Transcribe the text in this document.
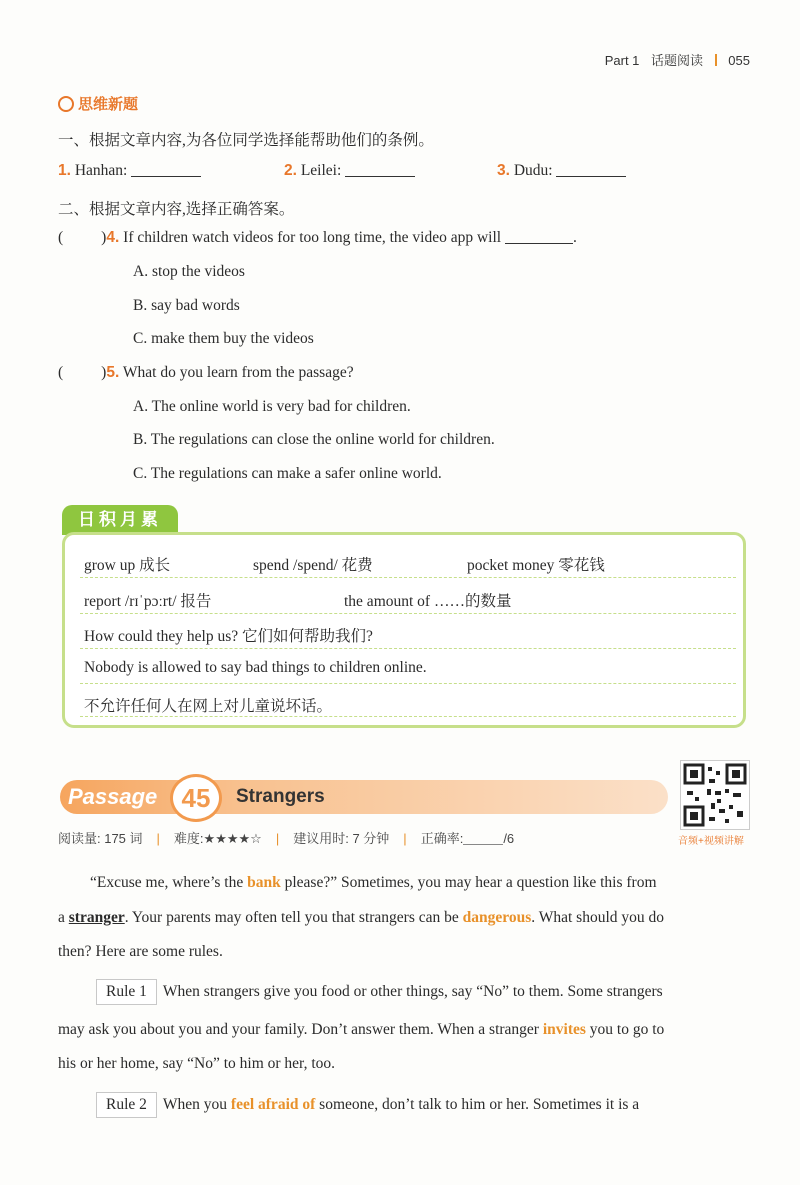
Part 1 话题阅读 055
思维新题
一、根据文章内容,为各位同学选择能帮助他们的条例。
1. Hanhan:	2. Leilei:	3. Dudu:
二、根据文章内容,选择正确答案。
( )4. If children watch videos for too long time, the video app will	.
A. stop the videos
B. say bad words
C. make them buy the videos
( )5. What do you learn from the passage?
A. The online world is very bad for children.
B. The regulations can close the online world for children.
C. The regulations can make a safer online world.
日积月累
grow up 成长	spend /spend/ 花费	pocket money 零花钱
report /rɪˈpɔːrt/ 报告	the amount of ……的数量
How could they help us? 它们如何帮助我们?
Nobody is allowed to say bad things to children online.
不允许任何人在网上对儿童说坏话。
Passage 45	Strangers
音频+视频讲解
阅读量: 175 词 | 难度:★★★★☆ | 建议用时: 7 分钟 | 正确率:	/6
“Excuse me, where’s the bank please?” Sometimes, you may hear a question like this from
a stranger. Your parents may often tell you that strangers can be dangerous. What should you do
then? Here are some rules.
Rule 1 When strangers give you food or other things, say “No” to them. Some strangers
may ask you about you and your family. Don’t answer them. When a stranger invites you to go to
his or her home, say “No” to him or her, too.
Rule 2 When you feel afraid of someone, don’t talk to him or her. Sometimes it is a
